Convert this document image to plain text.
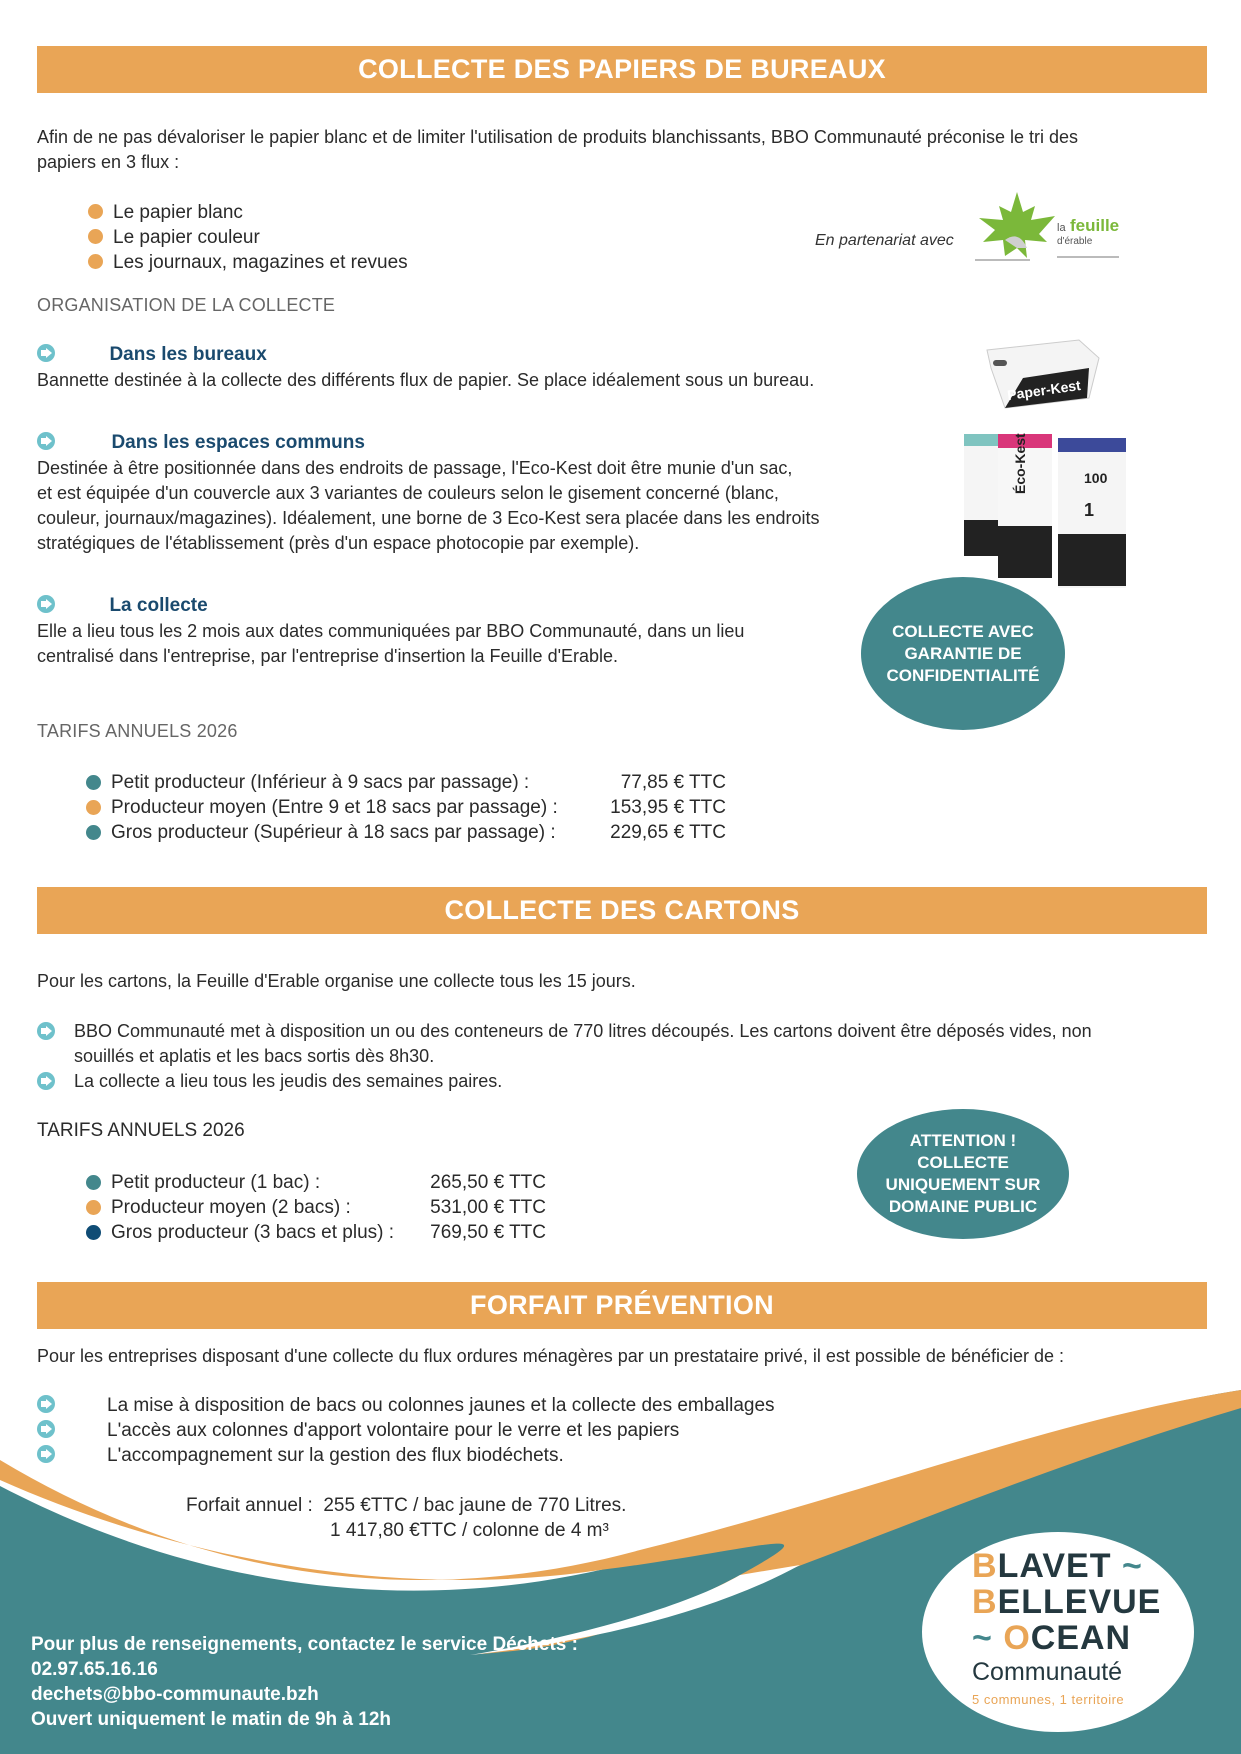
COLLECTE DES PAPIERS DE BUREAUX
Afin de ne pas dévaloriser le papier blanc et de limiter l'utilisation de produits blanchissants, BBO Communauté préconise le tri des
papiers en 3 flux :
Le papier blanc
Le papier couleur
Les journaux, magazines et revues
En partenariat avec
la feuille
d'érable
ORGANISATION DE LA COLLECTE
Dans les bureaux
Bannette destinée à la collecte des différents flux de papier. Se place idéalement sous un bureau.	Paper-Kest
Dans les espaces communs
Destinée à être positionnée dans des endroits de passage, l'Eco-Kest doit être munie d'un sac,
et est équipée d'un couvercle aux 3 variantes de couleurs selon le gisement concerné (blanc,
couleur, journaux/magazines). Idéalement, une borne de 3 Eco-Kest sera placée dans les endroits
stratégiques de l'établissement (près d'un espace photocopie par exemple).
Éco-Kest	100
1
La collecte
Elle a lieu tous les 2 mois aux dates communiquées par BBO Communauté, dans un lieu
centralisé dans l'entreprise, par l'entreprise d'insertion la Feuille d'Erable.
COLLECTE AVEC
GARANTIE DE
CONFIDENTIALITÉ
TARIFS ANNUELS 2026
Petit producteur (Inférieur à 9 sacs par passage) :	77,85 € TTC
Producteur moyen (Entre 9 et 18 sacs par passage) :	153,95 € TTC
Gros producteur (Supérieur à 18 sacs par passage) :	229,65 € TTC
COLLECTE DES CARTONS
Pour les cartons, la Feuille d'Erable organise une collecte tous les 15 jours.
BBO Communauté met à disposition un ou des conteneurs de 770 litres découpés. Les cartons doivent être déposés vides, non
souillés et aplatis et les bacs sortis dès 8h30.
La collecte a lieu tous les jeudis des semaines paires.
TARIFS ANNUELS 2026
Petit producteur (1 bac) :	265,50 € TTC
Producteur moyen (2 bacs) :	531,00 € TTC
Gros producteur (3 bacs et plus) :	769,50 € TTC
ATTENTION !
COLLECTE
UNIQUEMENT SUR
DOMAINE PUBLIC
FORFAIT PRÉVENTION
Pour les entreprises disposant d'une collecte du flux ordures ménagères par un prestataire privé, il est possible de bénéficier de :
La mise à disposition de bacs ou colonnes jaunes et la collecte des emballages
L'accès aux colonnes d'apport volontaire pour le verre et les papiers
L'accompagnement sur la gestion des flux biodéchets.
Forfait annuel : 255 €TTC / bac jaune de 770 Litres.
1 417,80 €TTC / colonne de 4 m³
Pour plus de renseignements, contactez le service Déchets :
02.97.65.16.16
dechets@bbo-communaute.bzh
Ouvert uniquement le matin de 9h à 12h
BLAVET ~
BELLEVUE
~ OCEAN
Communauté
5 communes, 1 territoire
